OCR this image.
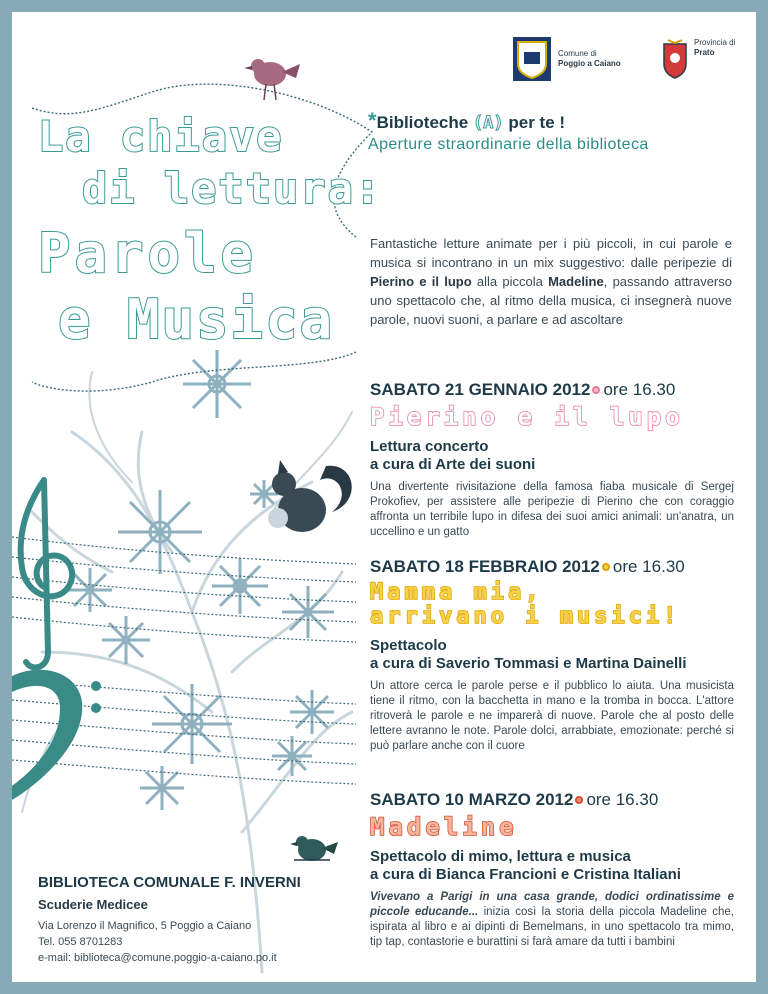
Comune di
Poggio a Caiano
Provincia di
Prato
La chiave
di lettura:
Parole
e Musica
*Biblioteche (A) per te !
Aperture straordinarie della biblioteca

Fantastiche letture animate per i più piccoli, in cui parole e musica si incontrano in un mix suggestivo: dalle peripezie di Pierino e il lupo alla piccola Madeline, passando attraverso uno spettacolo che, al ritmo della musica, ci insegnerà nuove parole, nuovi suoni, a parlare e ad ascoltare

SABATO 21 GENNAIO 2012 ore 16.30
Pierino e il lupo
Lettura concerto
a cura di Arte dei suoni

Una divertente rivisitazione della famosa fiaba musicale di Sergej Prokofiev, per assistere alle peripezie di Pierino che con coraggio affronta un terribile lupo in difesa dei suoi amici animali: un'anatra, un uccellino e un gatto

SABATO 18 FEBBRAIO 2012 ore 16.30
Mamma mia,
arrivano i musici!
Spettacolo
a cura di Saverio Tommasi e Martina Dainelli

Un attore cerca le parole perse e il pubblico lo aiuta. Una musicista tiene il ritmo, con la bacchetta in mano e la tromba in bocca. L'attore ritroverà le parole e ne imparerà di nuove. Parole che al posto delle lettere avranno le note. Parole dolci, arrabbiate, emozionate: perché si può parlare anche con il cuore

SABATO 10 MARZO 2012 ore 16.30
Madeline
Spettacolo di mimo, lettura e musica
a cura di Bianca Francioni e Cristina Italiani

Vivevano a Parigi in una casa grande, dodici ordinatissime e piccole educande... inizia così la storia della piccola Madeline che, ispirata al libro e ai dipinti di Bemelmans, in uno spettacolo tra mimo, tip tap, contastorie e burattini si farà amare da tutti i bambini

BIBLIOTECA COMUNALE F. INVERNI
Scuderie Medicee
Via Lorenzo il Magnifico, 5 Poggio a Caiano
Tel. 055 8701283
e-mail: biblioteca@comune.poggio-a-caiano.po.it
